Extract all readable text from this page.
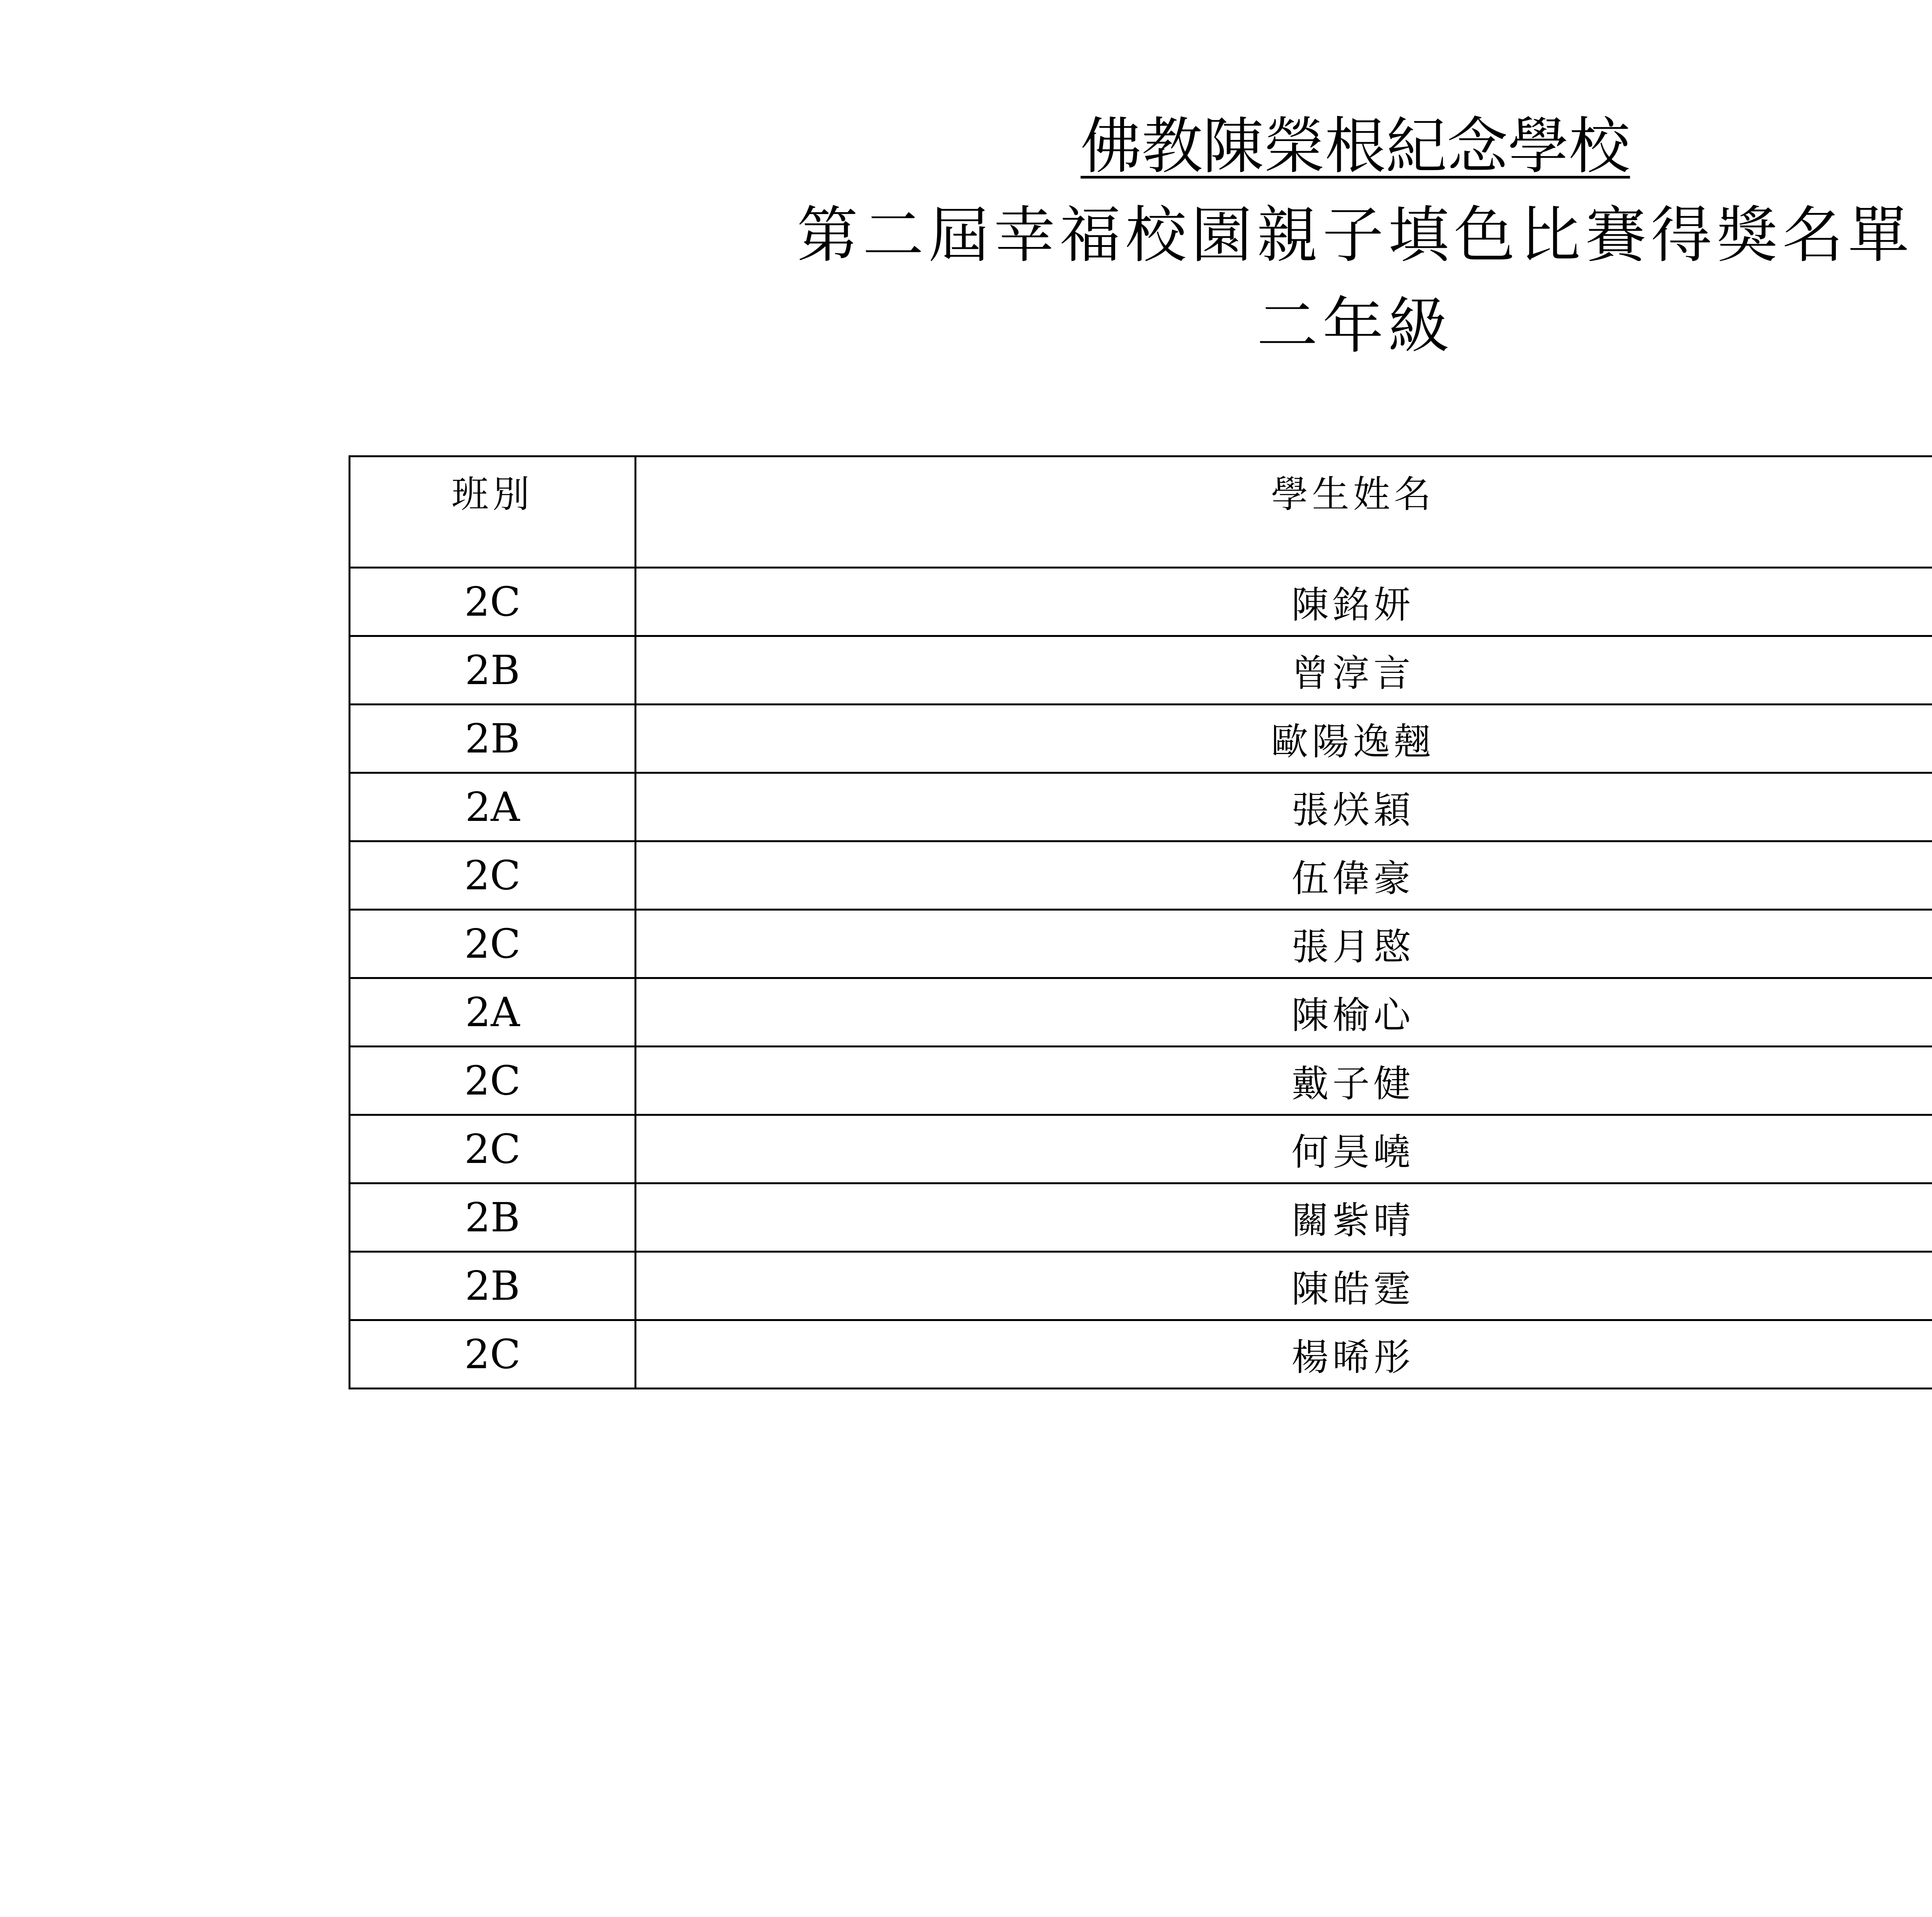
佛教陳榮根紀念學校
第二屆幸福校園親子填色比賽得獎名單
二年級
班別	學生姓名	

2C	陳銘妍	
2B	曾淳言	
2B	歐陽逸翹	
2A	張烪穎	
2C	伍偉豪	
2C	張月愍	
2A	陳榆心	
2C	戴子健	
2C	何昊嶢	
2B	關紫晴	
2B	陳皓霆	
2C	楊晞彤	
